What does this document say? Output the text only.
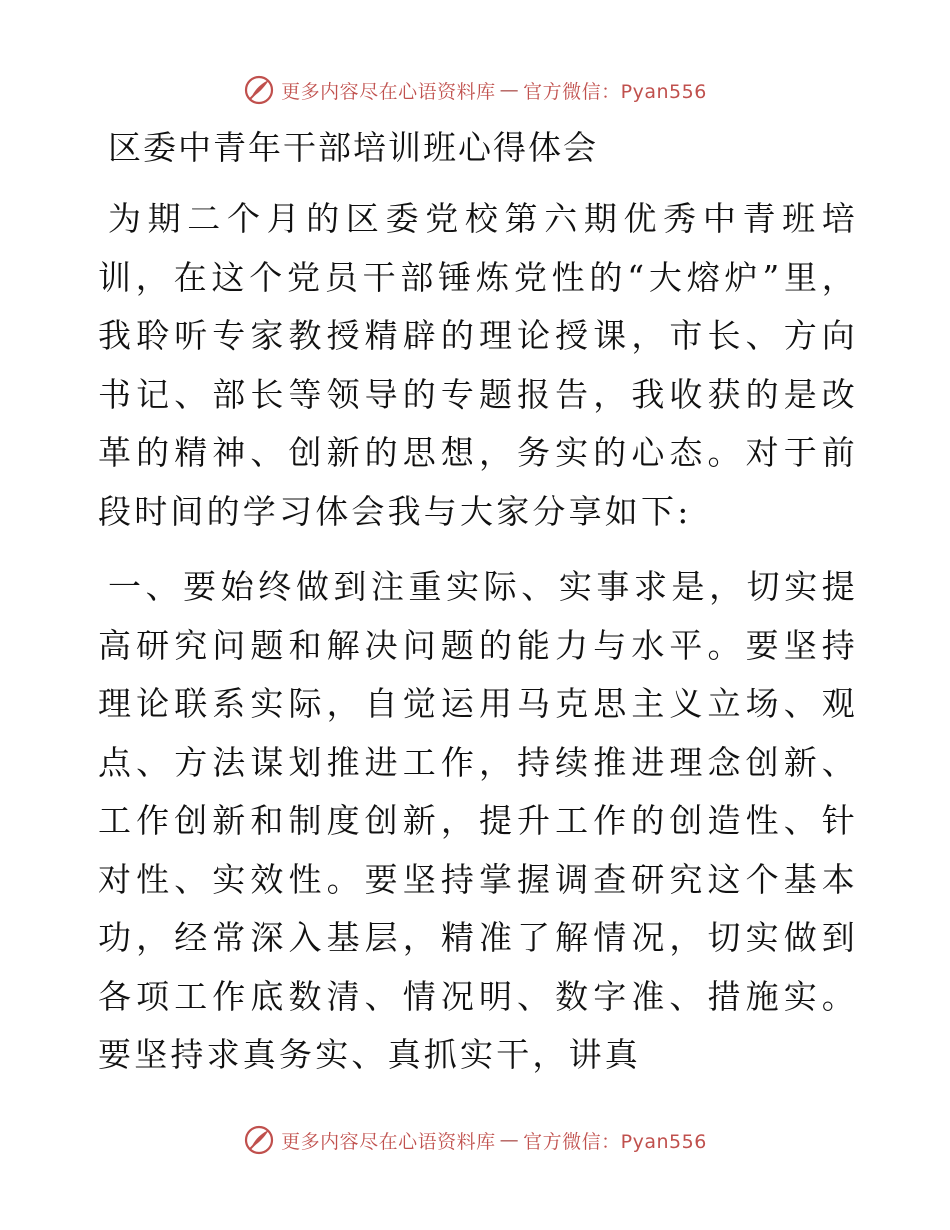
更多内容尽在心语资料库 — 官方微信：Pyan556
区委中青年干部培训班心得体会
为期二个月的区委党校第六期优秀中青班培训，在这个党员干部锤炼党性的“大熔炉”里，我聆听专家教授精辟的理论授课，市长、方向书记、部长等领导的专题报告，我收获的是改革的精神、创新的思想，务实的心态。对于前段时间的学习体会我与大家分享如下:
一、要始终做到注重实际、实事求是，切实提高研究问题和解决问题的能力与水平。要坚持理论联系实际，自觉运用马克思主义立场、观点、方法谋划推进工作，持续推进理念创新、工作创新和制度创新，提升工作的创造性、针对性、实效性。要坚持掌握调查研究这个基本功，经常深入基层，精准了解情况，切实做到各项工作底数清、情况明、数字准、措施实。要坚持求真务实、真抓实干，讲真
更多内容尽在心语资料库 — 官方微信：Pyan556
